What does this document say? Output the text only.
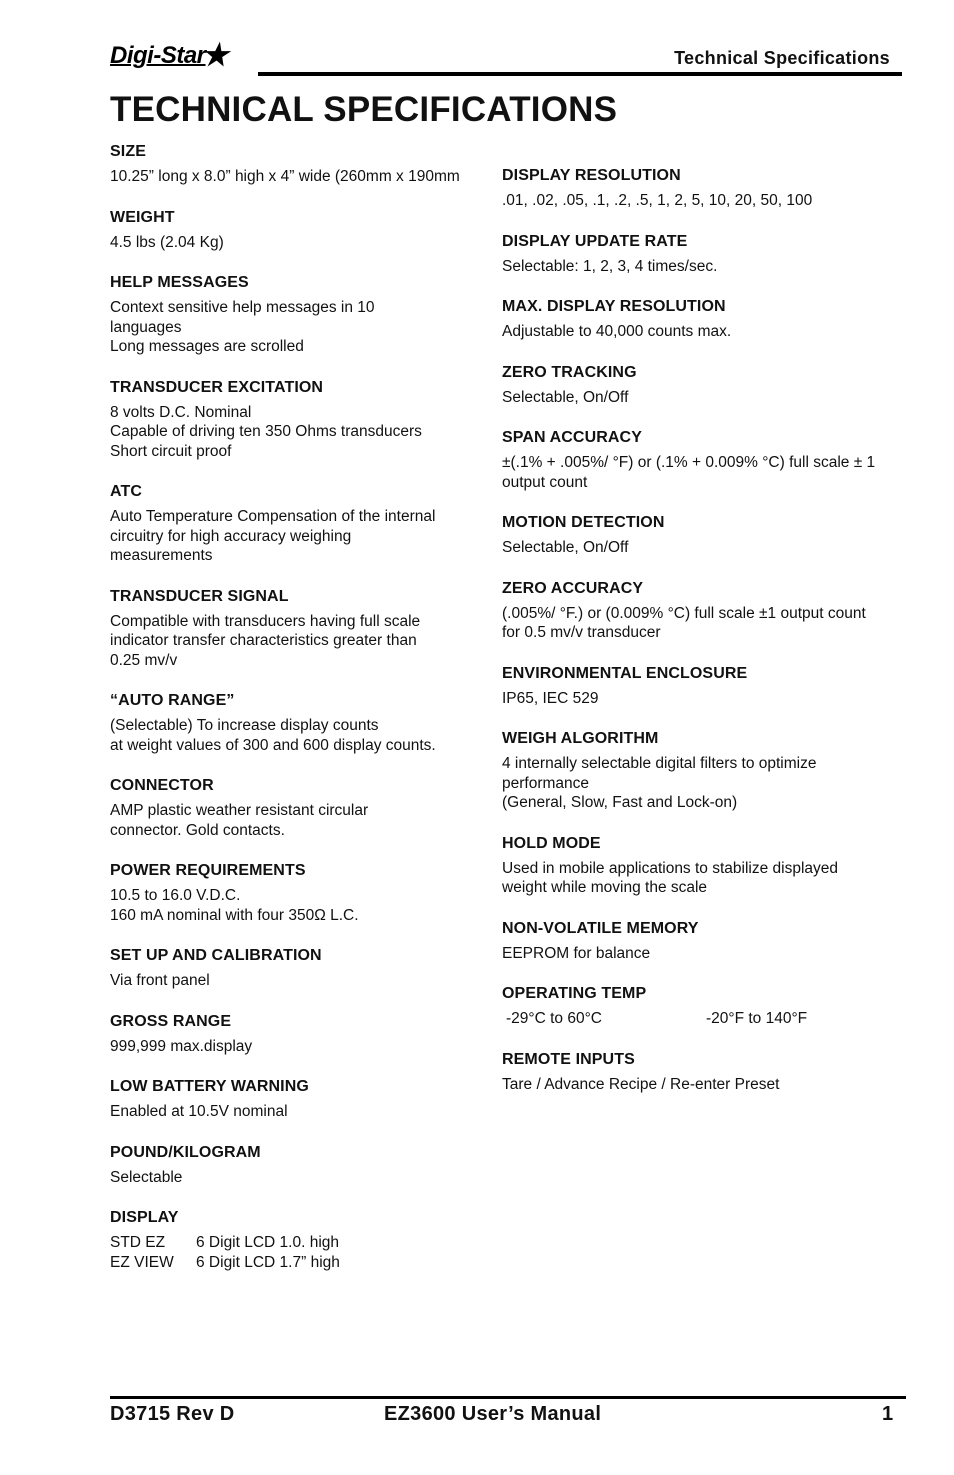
Digi-Star
★	Technical Specifications
TECHNICAL SPECIFICATIONS
SIZE
10.25” long x 8.0” high x 4” wide (260mm x 190mm
WEIGHT
4.5 lbs (2.04 Kg)
HELP MESSAGES
Context sensitive help messages in 10
languages
Long messages are scrolled
TRANSDUCER EXCITATION
8 volts D.C. Nominal
Capable of driving ten 350 Ohms transducers
Short circuit proof
ATC
Auto Temperature Compensation of the internal
circuitry for high accuracy weighing
measurements
TRANSDUCER SIGNAL
Compatible with transducers having full scale
indicator transfer characteristics greater than
0.25 mv/v
“AUTO RANGE”
(Selectable) To increase display counts
at weight values of 300 and 600 display counts.
CONNECTOR
AMP plastic weather resistant circular
connector. Gold contacts.
POWER REQUIREMENTS
10.5 to 16.0 V.D.C.
160 mA nominal with four 350Ω L.C.
SET UP AND CALIBRATION
Via front panel
GROSS RANGE
999,999 max.display
LOW BATTERY WARNING
Enabled at 10.5V nominal
POUND/KILOGRAM
Selectable
DISPLAY
STD EZ	6 Digit LCD 1.0. high
EZ VIEW	6 Digit LCD 1.7” high
DISPLAY RESOLUTION
.01, .02, .05, .1, .2, .5, 1, 2, 5, 10, 20, 50, 100
DISPLAY UPDATE RATE
Selectable: 1, 2, 3, 4 times/sec.
MAX. DISPLAY RESOLUTION
Adjustable to 40,000 counts max.
ZERO TRACKING
Selectable, On/Off
SPAN ACCURACY
±(.1% + .005%/ °F) or (.1% + 0.009% °C) full scale ± 1
output count
MOTION DETECTION
Selectable, On/Off
ZERO ACCURACY
(.005%/ °F.) or (0.009% °C) full scale ±1 output count
for 0.5 mv/v transducer
ENVIRONMENTAL ENCLOSURE
IP65, IEC 529
WEIGH ALGORITHM
4 internally selectable digital filters to optimize
performance
(General, Slow, Fast and Lock-on)
HOLD MODE
Used in mobile applications to stabilize displayed
weight while moving the scale
NON-VOLATILE MEMORY
EEPROM for balance
OPERATING TEMP
-29°C to 60°C	-20°F to 140°F
REMOTE INPUTS
Tare / Advance Recipe / Re-enter Preset
D3715 Rev D	EZ3600 User’s Manual	1
